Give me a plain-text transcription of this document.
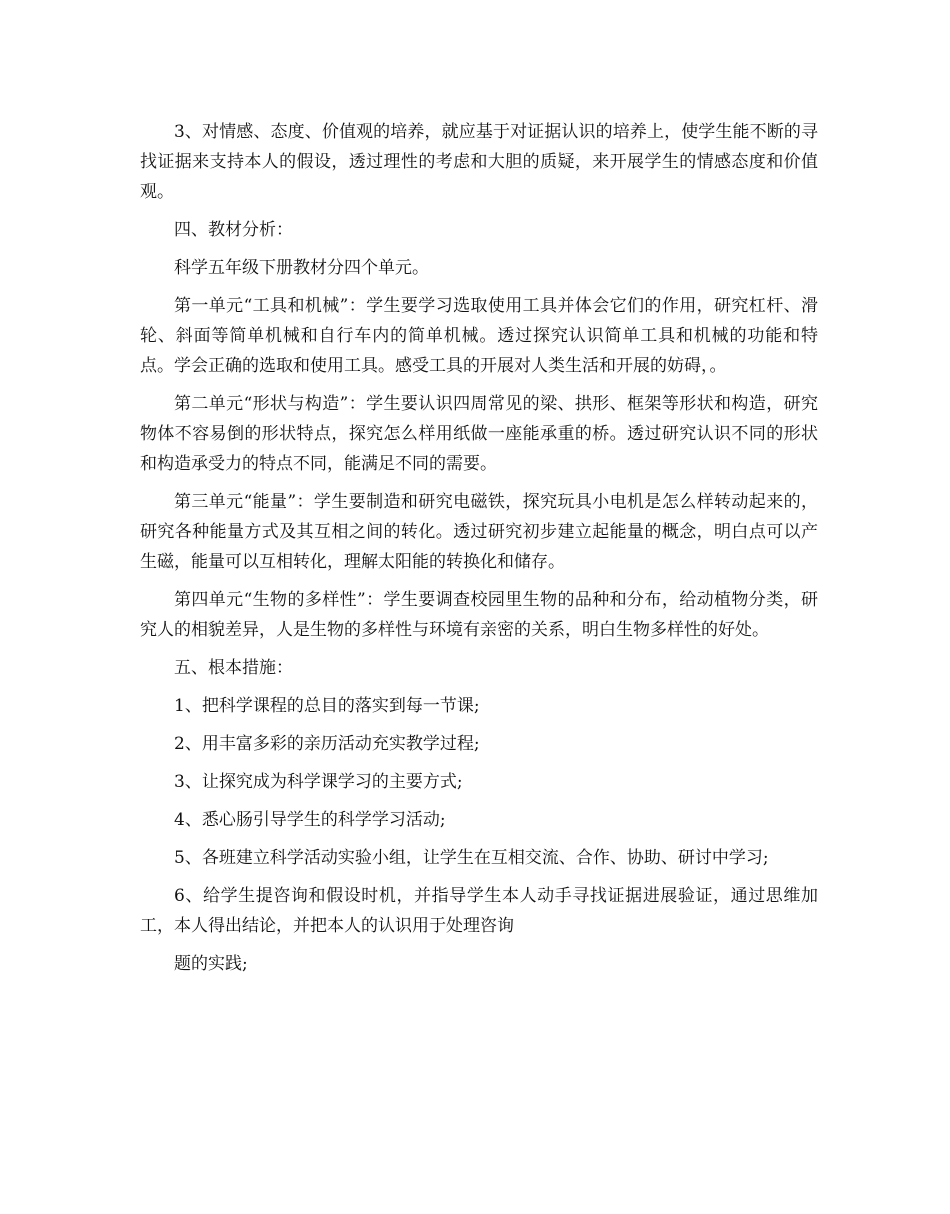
3、对情感、态度、价值观的培养，就应基于对证据认识的培养上，使学生能不断的寻找证据来支持本人的假设，透过理性的考虑和大胆的质疑，来开展学生的情感态度和价值观。

四、教材分析：

科学五年级下册教材分四个单元。

第一单元“工具和机械”：学生要学习选取使用工具并体会它们的作用，研究杠杆、滑轮、斜面等简单机械和自行车内的简单机械。透过探究认识简单工具和机械的功能和特点。学会正确的选取和使用工具。感受工具的开展对人类生活和开展的妨碍，。

第二单元“形状与构造”：学生要认识四周常见的梁、拱形、框架等形状和构造，研究物体不容易倒的形状特点，探究怎么样用纸做一座能承重的桥。透过研究认识不同的形状和构造承受力的特点不同，能满足不同的需要。

第三单元“能量”：学生要制造和研究电磁铁，探究玩具小电机是怎么样转动起来的，研究各种能量方式及其互相之间的转化。透过研究初步建立起能量的概念，明白点可以产生磁，能量可以互相转化，理解太阳能的转换化和储存。

第四单元“生物的多样性”：学生要调查校园里生物的品种和分布，给动植物分类，研究人的相貌差异，人是生物的多样性与环境有亲密的关系，明白生物多样性的好处。

五、根本措施：

1、把科学课程的总目的落实到每一节课;

2、用丰富多彩的亲历活动充实教学过程;

3、让探究成为科学课学习的主要方式;

4、悉心肠引导学生的科学学习活动;

5、各班建立科学活动实验小组，让学生在互相交流、合作、协助、研讨中学习;

6、给学生提咨询和假设时机，并指导学生本人动手寻找证据进展验证，通过思维加工，本人得出结论，并把本人的认识用于处理咨询

题的实践;
